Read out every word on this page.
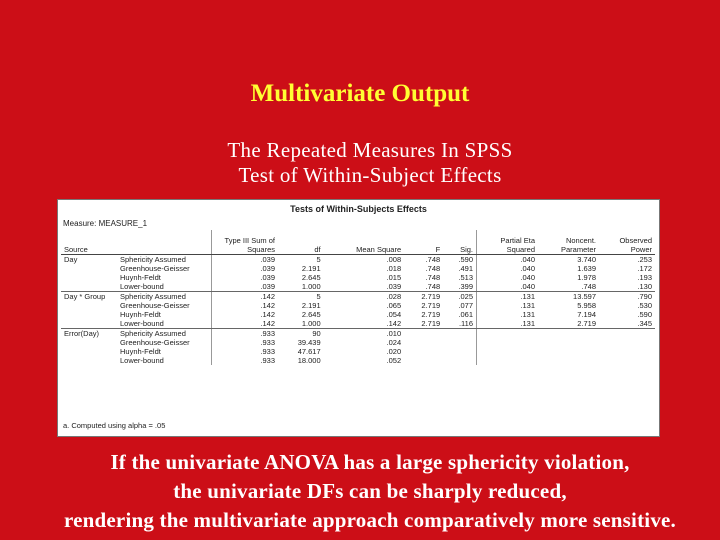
Multivariate Output
The Repeated Measures In SPSS
Test of Within-Subject Effects
Tests of Within-Subjects Effects
Measure: MEASURE_1
Source		Type III Sum of Squares	df	Mean Square	F	Sig.	Partial Eta Squared	Noncent. Parameter	Observed Power
Day	Sphericity Assumed	.039	5	.008	.748	.590	.040	3.740	.253
	Greenhouse-Geisser	.039	2.191	.018	.748	.491	.040	1.639	.172
	Huynh-Feldt	.039	2.645	.015	.748	.513	.040	1.978	.193
	Lower-bound	.039	1.000	.039	.748	.399	.040	.748	.130
Day * Group	Sphericity Assumed	.142	5	.028	2.719	.025	.131	13.597	.790
	Greenhouse-Geisser	.142	2.191	.065	2.719	.077	.131	5.958	.530
	Huynh-Feldt	.142	2.645	.054	2.719	.061	.131	7.194	.590
	Lower-bound	.142	1.000	.142	2.719	.116	.131	2.719	.345
Error(Day)	Sphericity Assumed	.933	90	.010					
	Greenhouse-Geisser	.933	39.439	.024					
	Huynh-Feldt	.933	47.617	.020					
	Lower-bound	.933	18.000	.052					
a. Computed using alpha = .05
If the univariate ANOVA has a large sphericity violation,
the univariate DFs can be sharply reduced,
rendering the multivariate approach comparatively more sensitive.
